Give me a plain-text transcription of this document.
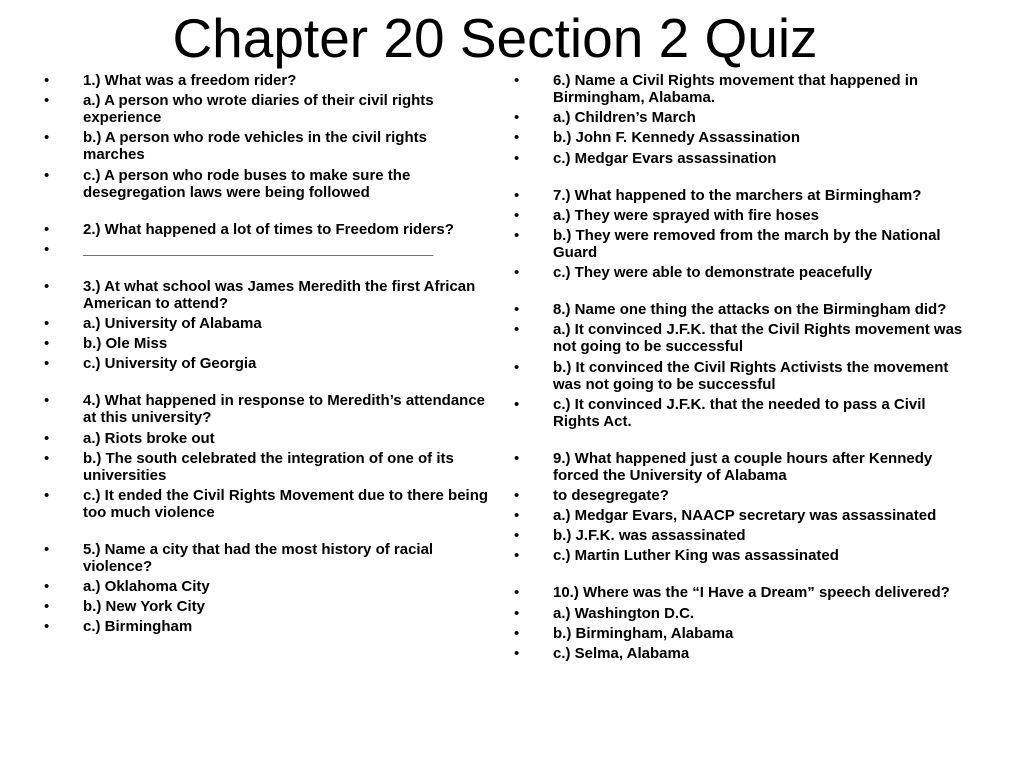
Chapter 20 Section 2 Quiz
• 1.) What was a freedom rider?
• a.) A person who wrote diaries of their civil rights experience
• b.) A person who rode vehicles in the civil rights marches
• c.) A person who rode buses to make sure the desegregation laws were being followed
• 2.) What happened a lot of times to Freedom riders?
• __________________________________________
• 3.) At what school was James Meredith the first African American to attend?
• a.) University of Alabama
• b.) Ole Miss
• c.) University of Georgia
• 4.) What happened in response to Meredith’s attendance at this university?
• a.) Riots broke out
• b.) The south celebrated the integration of one of its universities
• c.) It ended the Civil Rights Movement due to there being too much violence
• 5.) Name a city that had the most history of racial violence?
• a.) Oklahoma City
• b.) New York City
• c.) Birmingham
• 6.) Name a Civil Rights movement that happened in Birmingham, Alabama.
• a.) Children’s March
• b.) John F. Kennedy Assassination
• c.) Medgar Evars assassination
• 7.) What happened to the marchers at Birmingham?
• a.) They were sprayed with fire hoses
• b.) They were removed from the march by the National Guard
• c.) They were able to demonstrate peacefully
• 8.) Name one thing the attacks on the Birmingham did?
• a.) It convinced J.F.K. that the Civil Rights movement was not going to be successful
• b.) It convinced the Civil Rights Activists the movement was not going to be successful
• c.) It convinced J.F.K. that the needed to pass a Civil Rights Act.
• 9.) What happened just a couple hours after Kennedy forced the University of Alabama
• to desegregate?
• a.) Medgar Evars, NAACP secretary was assassinated
• b.) J.F.K. was assassinated
• c.) Martin Luther King was assassinated
• 10.) Where was the “I Have a Dream” speech delivered?
• a.) Washington D.C.
• b.) Birmingham, Alabama
• c.) Selma, Alabama
